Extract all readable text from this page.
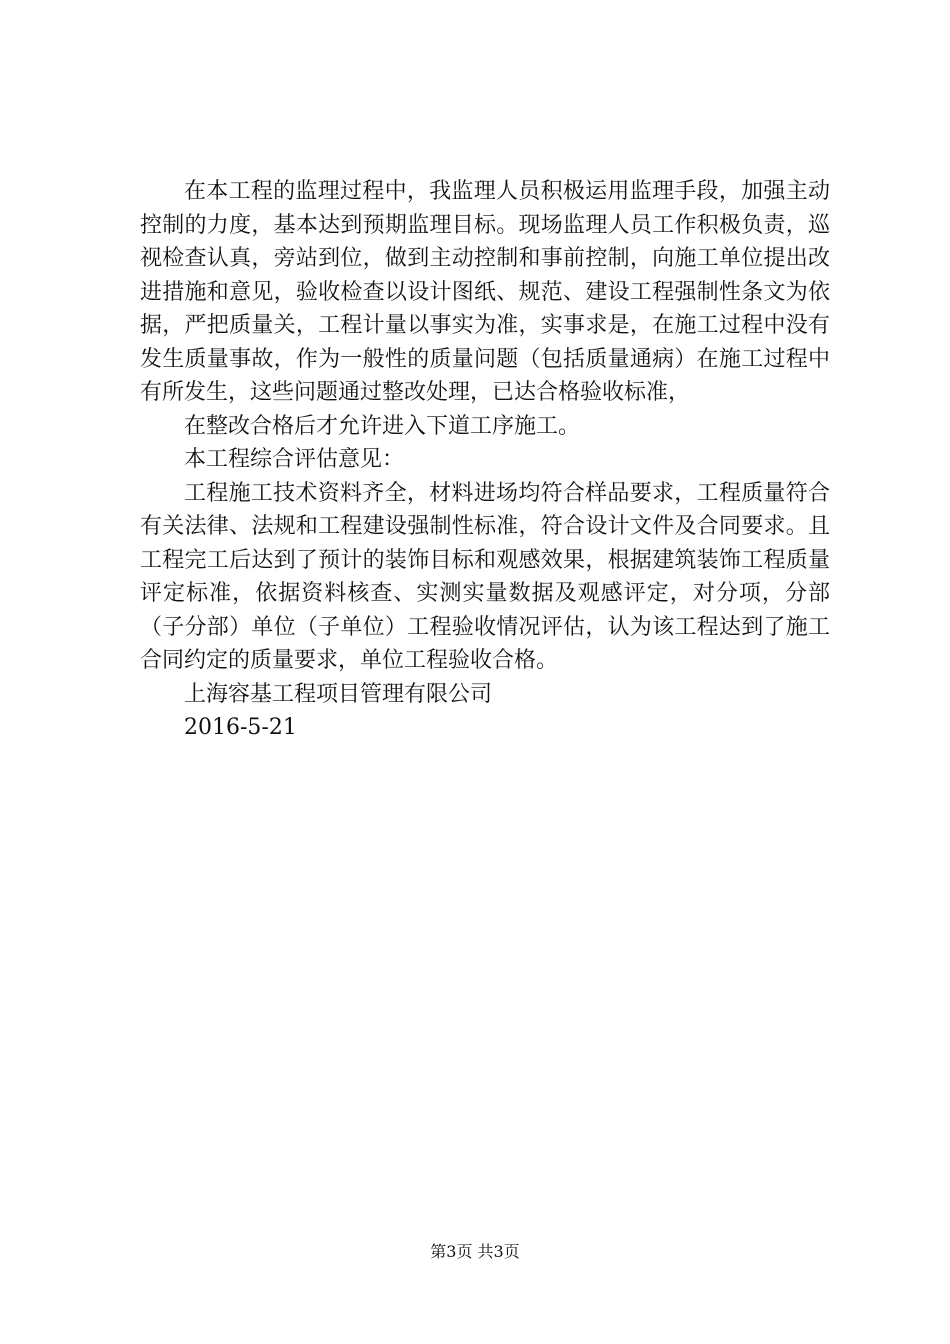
在本工程的监理过程中，我监理人员积极运用监理手段，加强主动控制的力度，基本达到预期监理目标。现场监理人员工作积极负责，巡视检查认真，旁站到位，做到主动控制和事前控制，向施工单位提出改进措施和意见，验收检查以设计图纸、规范、建设工程强制性条文为依据，严把质量关，工程计量以事实为准，实事求是，在施工过程中没有发生质量事故，作为一般性的质量问题（包括质量通病）在施工过程中有所发生，这些问题通过整改处理，已达合格验收标准，

在整改合格后才允许进入下道工序施工。

本工程综合评估意见：

工程施工技术资料齐全，材料进场均符合样品要求，工程质量符合有关法律、法规和工程建设强制性标准，符合设计文件及合同要求。且工程完工后达到了预计的装饰目标和观感效果，根据建筑装饰工程质量评定标准，依据资料核查、实测实量数据及观感评定，对分项，分部（子分部）单位（子单位）工程验收情况评估，认为该工程达到了施工合同约定的质量要求，单位工程验收合格。

上海容基工程项目管理有限公司

2016-5-21

第3页 共3页
